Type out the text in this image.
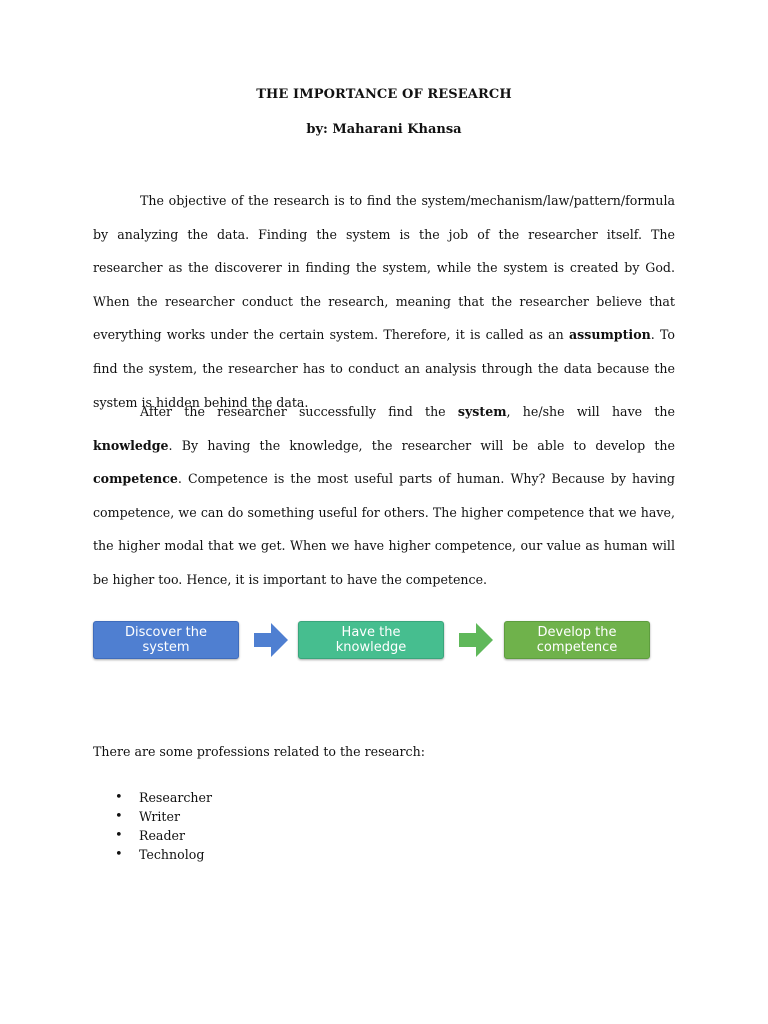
THE IMPORTANCE OF RESEARCH
by: Maharani Khansa

The objective of the research is to find the system/mechanism/law/pattern/formula by analyzing the data. Finding the system is the job of the researcher itself. The researcher as the discoverer in finding the system, while the system is created by God. When the researcher conduct the research, meaning that the researcher believe that everything works under the certain system. Therefore, it is called as an assumption. To find the system, the researcher has to conduct an analysis through the data because the system is hidden behind the data.

After the researcher successfully find the system, he/she will have the knowledge. By having the knowledge, the researcher will be able to develop the competence. Competence is the most useful parts of human. Why? Because by having competence, we can do something useful for others. The higher competence that we have, the higher modal that we get. When we have higher competence, our value as human will be higher too. Hence, it is important to have the competence.

Discover the system
Have the knowledge
Develop the competence
There are some professions related to the research:
• Researcher
• Writer
• Reader
• Technolog
